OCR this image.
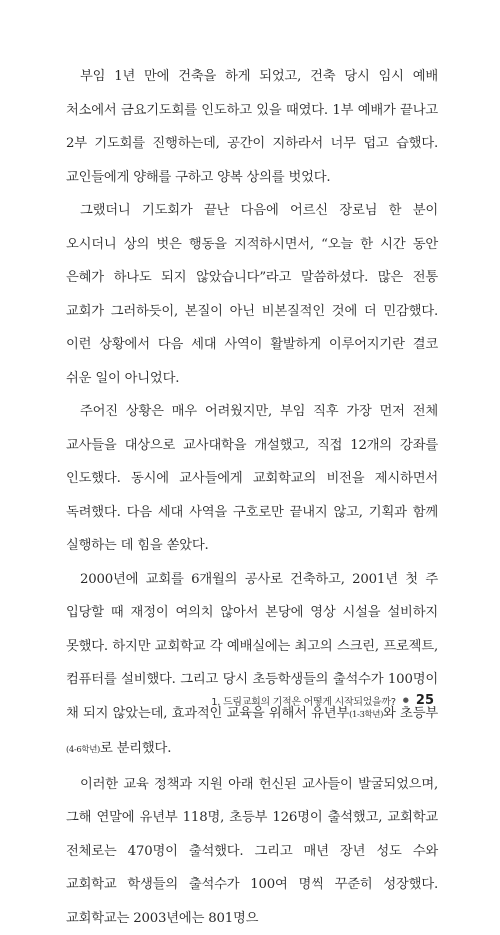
부임 1년 만에 건축을 하게 되었고, 건축 당시 임시 예배 처소에서 금요기도회를 인도하고 있을 때였다. 1부 예배가 끝나고 2부 기도회를 진행하는데, 공간이 지하라서 너무 덥고 습했다. 교인들에게 양해를 구하고 양복 상의를 벗었다.

그랬더니 기도회가 끝난 다음에 어르신 장로님 한 분이 오시더니 상의 벗은 행동을 지적하시면서, “오늘 한 시간 동안 은혜가 하나도 되지 않았습니다”라고 말씀하셨다. 많은 전통 교회가 그러하듯이, 본질이 아닌 비본질적인 것에 더 민감했다. 이런 상황에서 다음 세대 사역이 활발하게 이루어지기란 결코 쉬운 일이 아니었다.

주어진 상황은 매우 어려웠지만, 부임 직후 가장 먼저 전체 교사들을 대상으로 교사대학을 개설했고, 직접 12개의 강좌를 인도했다. 동시에 교사들에게 교회학교의 비전을 제시하면서 독려했다. 다음 세대 사역을 구호로만 끝내지 않고, 기획과 함께 실행하는 데 힘을 쏟았다.

2000년에 교회를 6개월의 공사로 건축하고, 2001년 첫 주 입당할 때 재정이 여의치 않아서 본당에 영상 시설을 설비하지 못했다. 하지만 교회학교 각 예배실에는 최고의 스크린, 프로젝트, 컴퓨터를 설비했다. 그리고 당시 초등학생들의 출석수가 100명이 채 되지 않았는데, 효과적인 교육을 위해서 유년부(1-3학년)와 초등부(4-6학년)로 분리했다.

이러한 교육 정책과 지원 아래 헌신된 교사들이 발굴되었으며, 그해 연말에 유년부 118명, 초등부 126명이 출석했고, 교회학교 전체로는 470명이 출석했다. 그리고 매년 장년 성도 수와 교회학교 학생들의 출석수가 100여 명씩 꾸준히 성장했다. 교회학교는 2003년에는 801명으

1. 드림교회의 기적은 어떻게 시작되었을까? ● 25
